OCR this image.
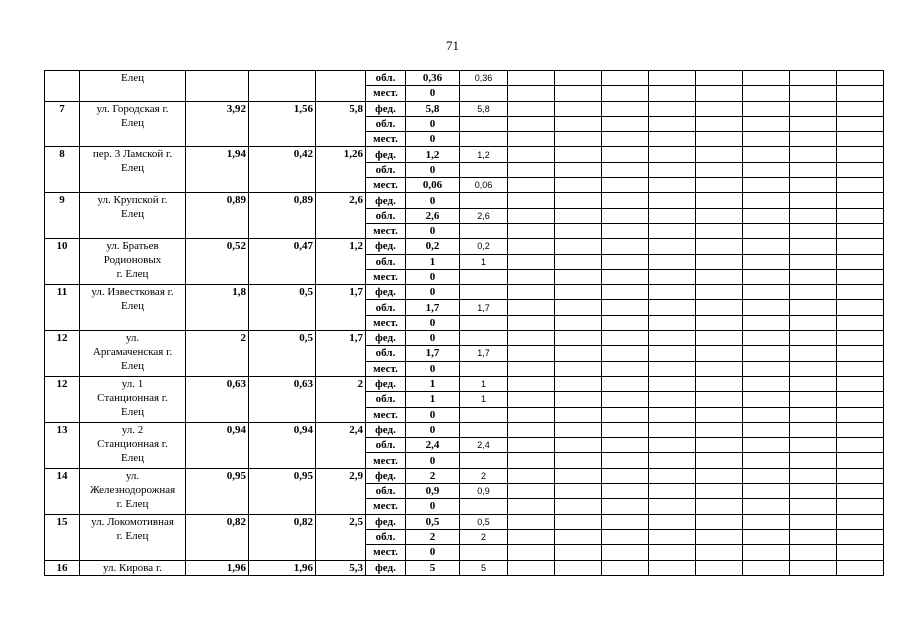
71
	Елец				обл.	0,36	0,36								
					мест.	0									
7	ул. Городская г.
Елец	3,92	1,56	5,8	фед.	5,8	5,8								
					обл.	0									
					мест.	0									
8	пер. 3 Ламской г.
Елец	1,94	0,42	1,26	фед.	1,2	1,2								
					обл.	0									
					мест.	0,06	0,06								
9	ул. Крупской г.
Елец	0,89	0,89	2,6	фед.	0									
					обл.	2,6	2,6								
					мест.	0									
10	ул. Братьев
Родионовых
г. Елец	0,52	0,47	1,2	фед.	0,2	0,2								
					обл.	1	1								
					мест.	0									
11	ул. Известковая г.
Елец	1,8	0,5	1,7	фед.	0									
					обл.	1,7	1,7								
					мест.	0									
12	ул.
Аргамаченская г.
Елец	2	0,5	1,7	фед.	0									
					обл.	1,7	1,7								
					мест.	0									
12	ул. 1
Станционная г.
Елец	0,63	0,63	2	фед.	1	1								
					обл.	1	1								
					мест.	0									
13	ул. 2
Станционная г.
Елец	0,94	0,94	2,4	фед.	0									
					обл.	2,4	2,4								
					мест.	0									
14	ул.
Железнодорожная
г. Елец	0,95	0,95	2,9	фед.	2	2								
					обл.	0,9	0,9								
					мест.	0									
15	ул. Локомотивная
г. Елец	0,82	0,82	2,5	фед.	0,5	0,5								
					обл.	2	2								
					мест.	0									
16	ул. Кирова г.	1,96	1,96	5,3	фед.	5	5								
